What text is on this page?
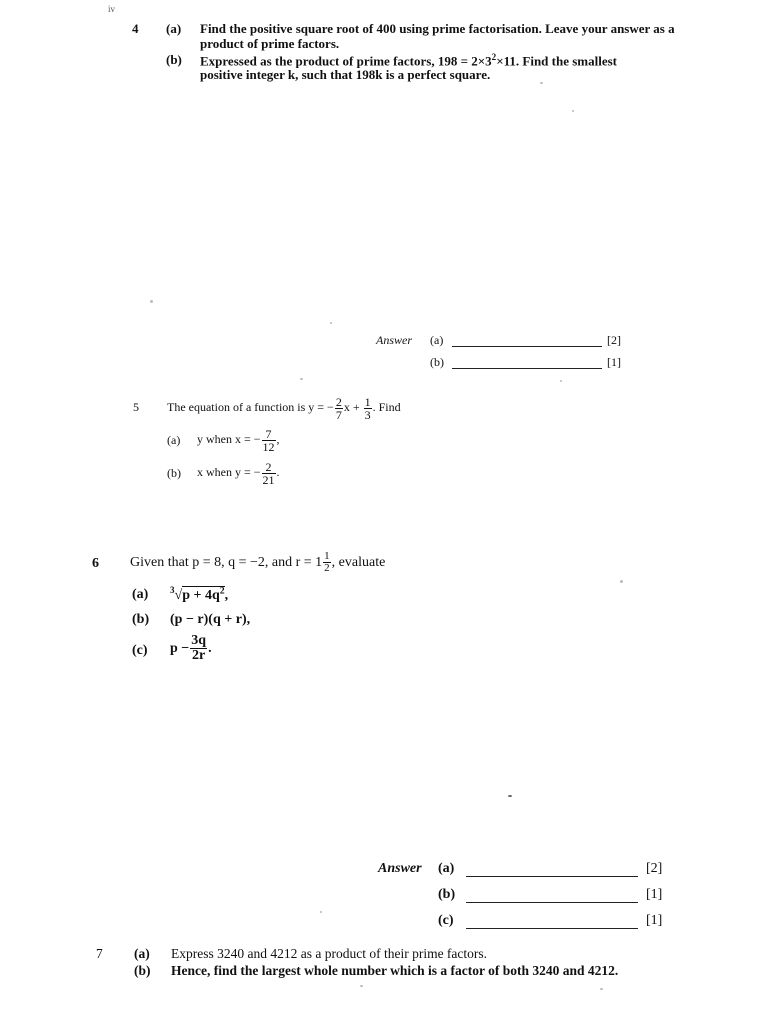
iv
4 (a) Find the positive square root of 400 using prime factorisation. Leave your answer as a
product of prime factors.
(b) Expressed as the product of prime factors, $198 = 2\times 3^2\times 11$. Find the smallest
positive integer k, such that 198k is a perfect square.
Answer (a)	[2]
(b)	[1]
5 The equation of a function is y = − $\frac{2}{7}$ $x + \frac{1}{3}$ . Find
(a) y when x = − $\frac{7}{12}$ ,
(b) x when y = − $\frac{2}{21}$ .
6 Given that p = 8, q = −2, and $r = 1 \frac{1}{2}$ , evaluate
(a) $^3√p + 4q^2$,
(b) (p − r)(q + r),
(c) $p - \frac{3q}{2r}$ .
Answer (a)	[2]
(b)	[1]
(c)	[1]
7 (a) Express 3240 and 4212 as a product of their prime factors.
(b) Hence, find the largest whole number which is a factor of both 3240 and 4212.
